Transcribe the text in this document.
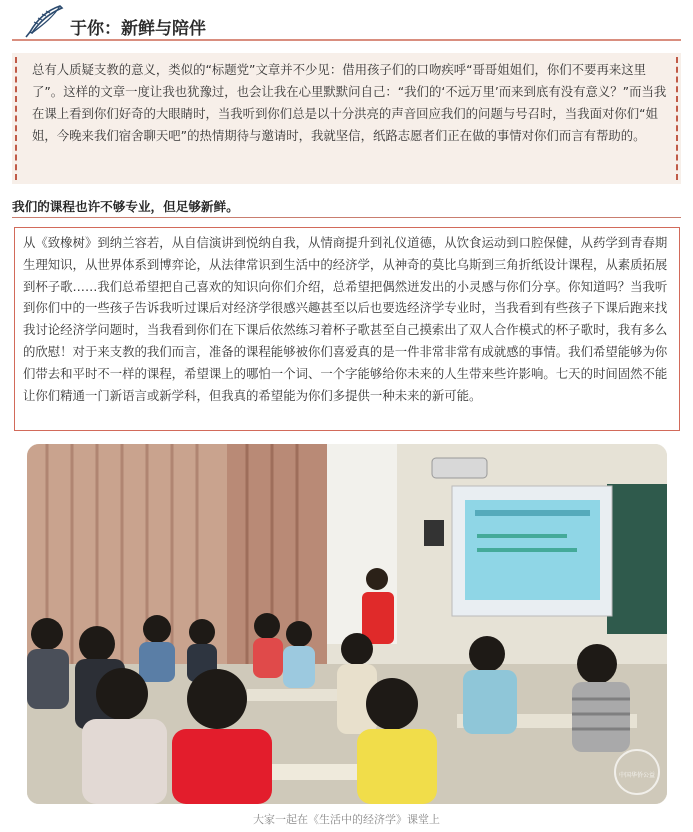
于你：新鲜与陪伴
总有人质疑支教的意义，类似的“标题党”文章并不少见：借用孩子们的口吻疾呼“哥哥姐姐们，你们不要再来这里了”。这样的文章一度让我也犹豫过，也会让我在心里默默问自己：“我们的‘不远万里’而来到底有没有意义？”而当我在课上看到你们好奇的大眼睛时，当我听到你们总是以十分洪亮的声音回应我们的问题与号召时，当我面对你们“姐姐，今晚来我们宿舍聊天吧”的热情期待与邀请时，我就坚信，纸路志愿者们正在做的事情对你们而言有帮助的。
我们的课程也许不够专业，但足够新鲜。
从《致橡树》到纳兰容若，从自信演讲到悦纳自我，从情商提升到礼仪道德，从饮食运动到口腔保健，从药学到青春期生理知识，从世界体系到博弈论，从法律常识到生活中的经济学，从神奇的莫比乌斯到三角折纸设计课程，从素质拓展到杯子歌……我们总希望把自己喜欢的知识向你们介绍，总希望把偶然迸发出的小灵感与你们分享。你知道吗？当我听到你们中的一些孩子告诉我听过课后对经济学很感兴趣甚至以后也要选经济学专业时，当我看到有些孩子下课后跑来找我讨论经济学问题时，当我看到你们在下课后依然练习着杯子歌甚至自己摸索出了双人合作模式的杯子歌时，我有多么的欣慰！对于来支教的我们而言，准备的课程能够被你们喜爱真的是一件非常非常有成就感的事情。我们希望能够为你们带去和平时不一样的课程，希望课上的哪怕一个词、一个字能够给你未来的人生带来些许影响。七天的时间固然不能让你们精通一门新语言或新学科，但我真的希望能为你们多提供一种未来的新可能。
中国华侨公益
大家一起在《生活中的经济学》课堂上
